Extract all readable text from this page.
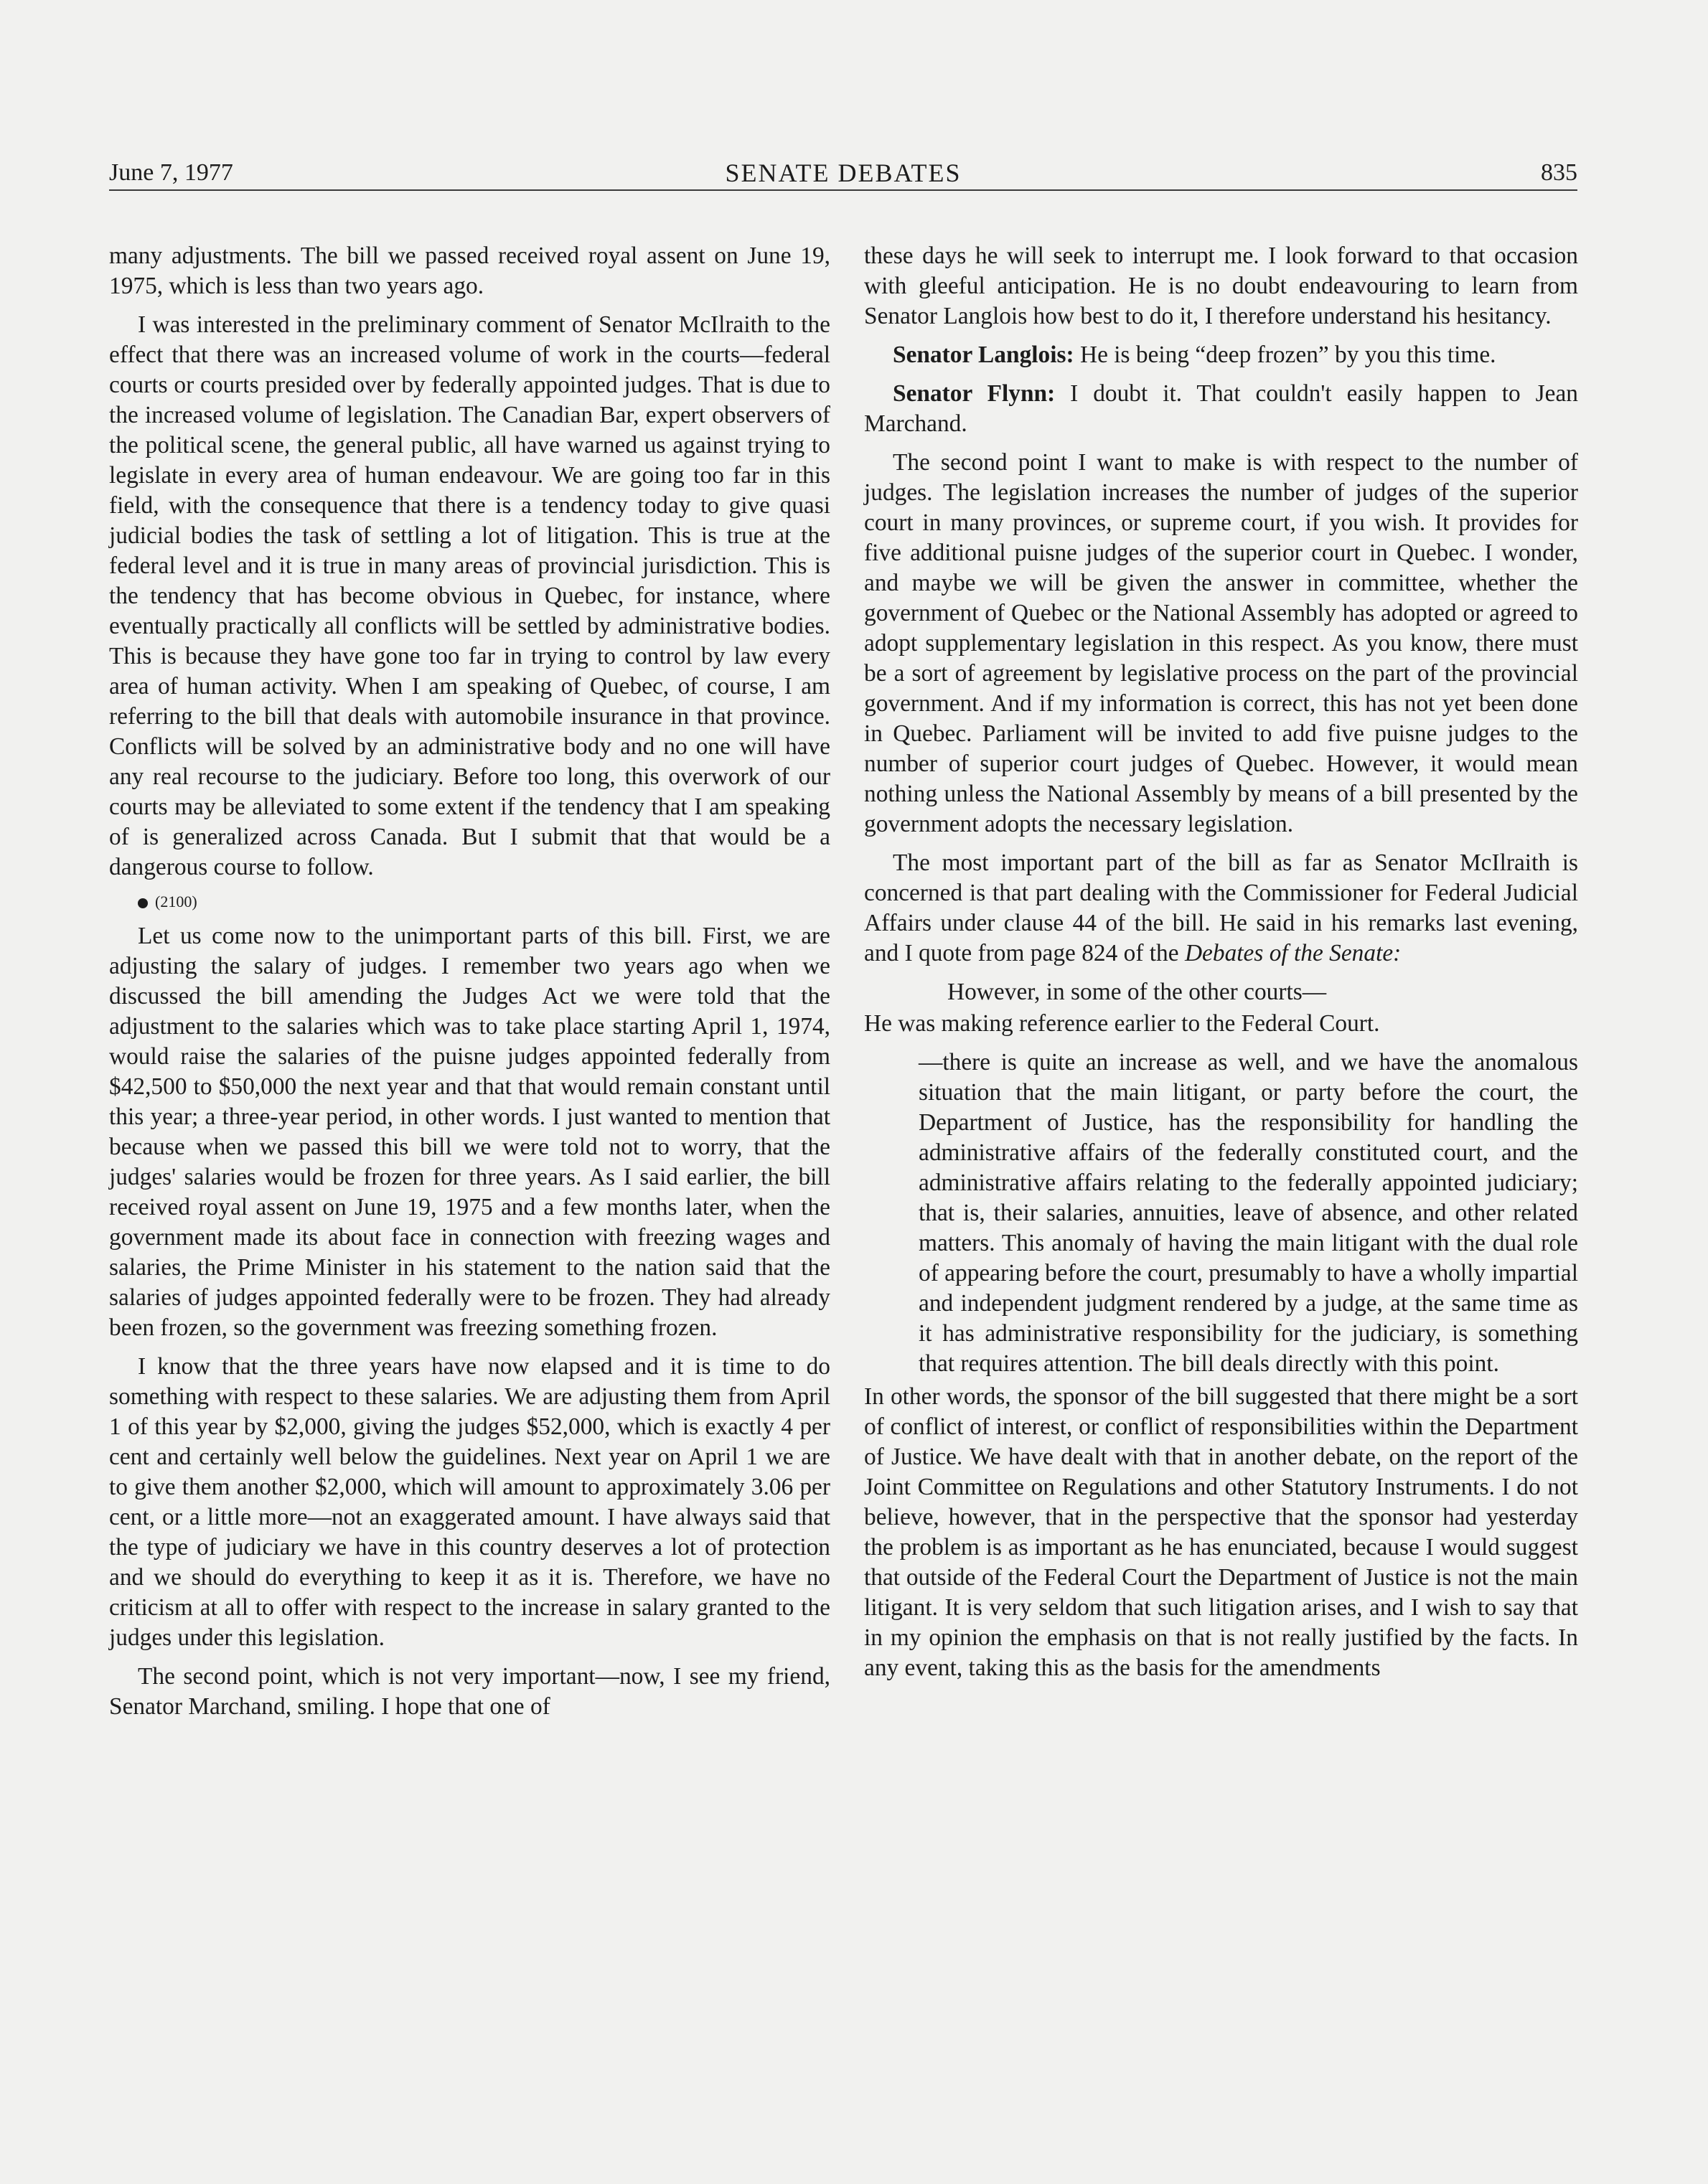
June 7, 1977	SENATE DEBATES	835

many adjustments. The bill we passed received royal assent on June 19, 1975, which is less than two years ago.

I was interested in the preliminary comment of Senator McIlraith to the effect that there was an increased volume of work in the courts—federal courts or courts presided over by federally appointed judges. That is due to the increased volume of legislation. The Canadian Bar, expert observers of the political scene, the general public, all have warned us against trying to legislate in every area of human endeavour. We are going too far in this field, with the consequence that there is a tendency today to give quasi judicial bodies the task of settling a lot of litigation. This is true at the federal level and it is true in many areas of provincial jurisdiction. This is the tendency that has become obvious in Quebec, for instance, where eventually practically all conflicts will be settled by administrative bodies. This is because they have gone too far in trying to control by law every area of human activity. When I am speaking of Quebec, of course, I am referring to the bill that deals with automobile insurance in that province. Conflicts will be solved by an administrative body and no one will have any real recourse to the judiciary. Before too long, this overwork of our courts may be alleviated to some extent if the tendency that I am speaking of is generalized across Canada. But I submit that that would be a dangerous course to follow.

(2100)

Let us come now to the unimportant parts of this bill. First, we are adjusting the salary of judges. I remember two years ago when we discussed the bill amending the Judges Act we were told that the adjustment to the salaries which was to take place starting April 1, 1974, would raise the salaries of the puisne judges appointed federally from $42,500 to $50,000 the next year and that that would remain constant until this year; a three-year period, in other words. I just wanted to mention that because when we passed this bill we were told not to worry, that the judges' salaries would be frozen for three years. As I said earlier, the bill received royal assent on June 19, 1975 and a few months later, when the government made its about face in connection with freezing wages and salaries, the Prime Minister in his statement to the nation said that the salaries of judges appointed federally were to be frozen. They had already been frozen, so the government was freezing something frozen.

I know that the three years have now elapsed and it is time to do something with respect to these salaries. We are adjusting them from April 1 of this year by $2,000, giving the judges $52,000, which is exactly 4 per cent and certainly well below the guidelines. Next year on April 1 we are to give them another $2,000, which will amount to approximately 3.06 per cent, or a little more—not an exaggerated amount. I have always said that the type of judiciary we have in this country deserves a lot of protection and we should do everything to keep it as it is. Therefore, we have no criticism at all to offer with respect to the increase in salary granted to the judges under this legislation.

The second point, which is not very important—now, I see my friend, Senator Marchand, smiling. I hope that one of

these days he will seek to interrupt me. I look forward to that occasion with gleeful anticipation. He is no doubt endeavouring to learn from Senator Langlois how best to do it, I therefore understand his hesitancy.

Senator Langlois: He is being “deep frozen” by you this time.

Senator Flynn: I doubt it. That couldn't easily happen to Jean Marchand.

The second point I want to make is with respect to the number of judges. The legislation increases the number of judges of the superior court in many provinces, or supreme court, if you wish. It provides for five additional puisne judges of the superior court in Quebec. I wonder, and maybe we will be given the answer in committee, whether the government of Quebec or the National Assembly has adopted or agreed to adopt supplementary legislation in this respect. As you know, there must be a sort of agreement by legislative process on the part of the provincial government. And if my information is correct, this has not yet been done in Quebec. Parliament will be invited to add five puisne judges to the number of superior court judges of Quebec. However, it would mean nothing unless the National Assembly by means of a bill presented by the government adopts the necessary legislation.

The most important part of the bill as far as Senator McIlraith is concerned is that part dealing with the Commissioner for Federal Judicial Affairs under clause 44 of the bill. He said in his remarks last evening, and I quote from page 824 of the Debates of the Senate:

However, in some of the other courts—

He was making reference earlier to the Federal Court.

—there is quite an increase as well, and we have the anomalous situation that the main litigant, or party before the court, the Department of Justice, has the responsibility for handling the administrative affairs of the federally constituted court, and the administrative affairs relating to the federally appointed judiciary; that is, their salaries, annuities, leave of absence, and other related matters. This anomaly of having the main litigant with the dual role of appearing before the court, presumably to have a wholly impartial and independent judgment rendered by a judge, at the same time as it has administrative responsibility for the judiciary, is something that requires attention. The bill deals directly with this point.

In other words, the sponsor of the bill suggested that there might be a sort of conflict of interest, or conflict of responsibilities within the Department of Justice. We have dealt with that in another debate, on the report of the Joint Committee on Regulations and other Statutory Instruments. I do not believe, however, that in the perspective that the sponsor had yesterday the problem is as important as he has enunciated, because I would suggest that outside of the Federal Court the Department of Justice is not the main litigant. It is very seldom that such litigation arises, and I wish to say that in my opinion the emphasis on that is not really justified by the facts. In any event, taking this as the basis for the amendments
